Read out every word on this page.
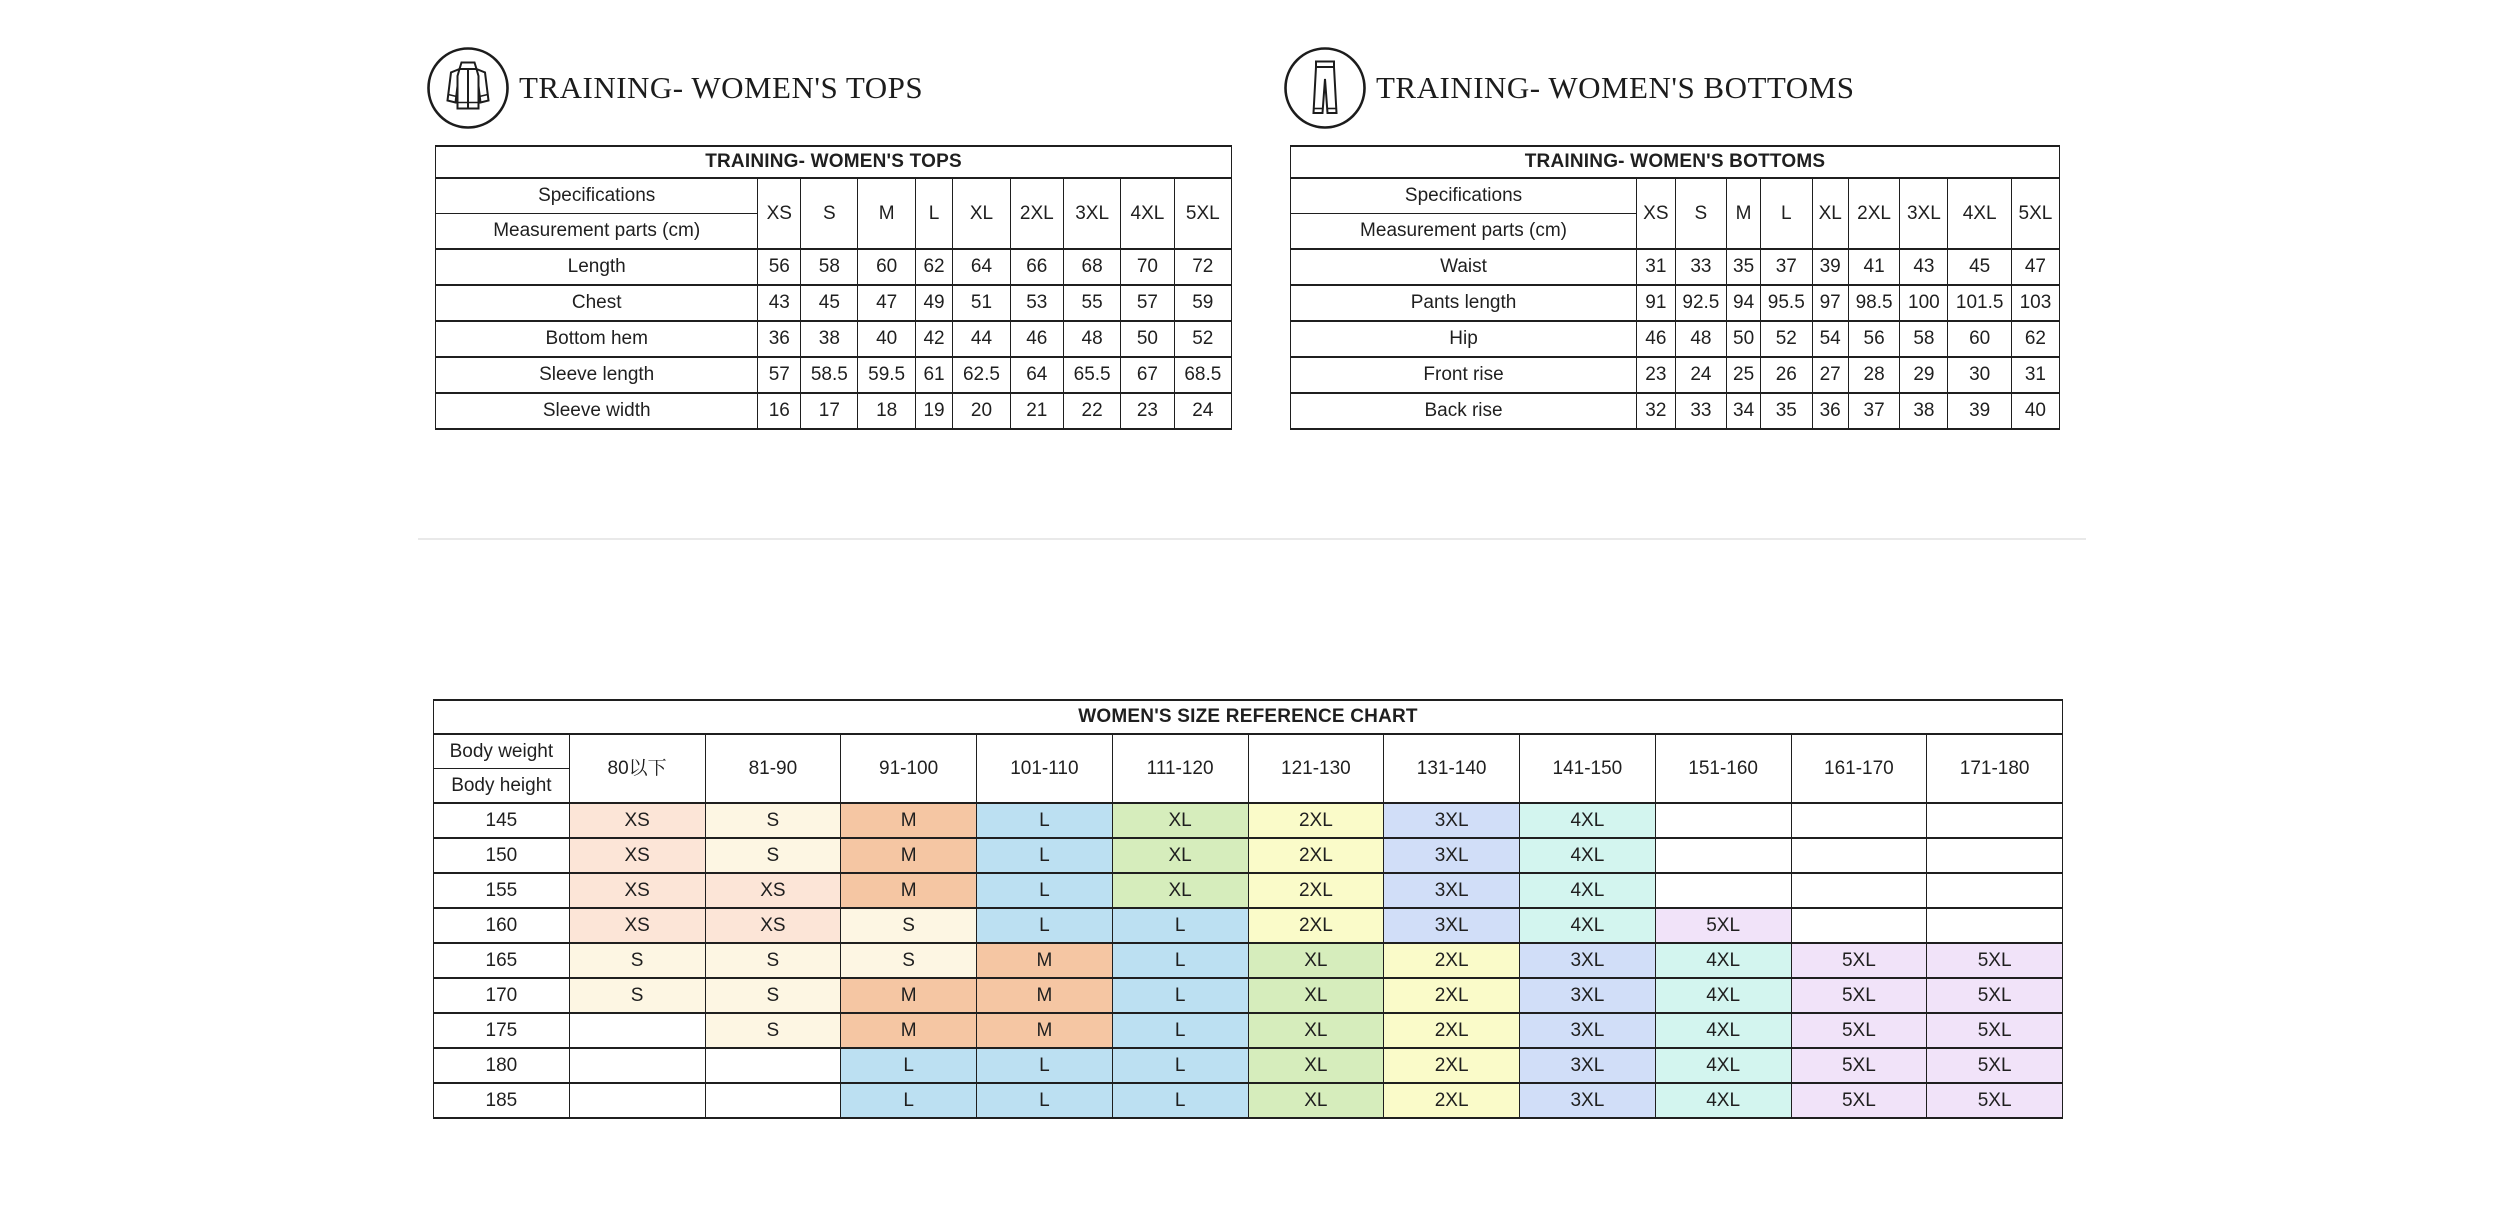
TRAINING- WOMEN'S TOPS	TRAINING- WOMEN'S BOTTOMS
TRAINING- WOMEN'S TOPS									
Specifications	XS	S	M	L	XL	2XL	3XL	4XL	5XL
Measurement parts (cm)									
Length	56	58	60	62	64	66	68	70	72
Chest	43	45	47	49	51	53	55	57	59
Bottom hem	36	38	40	42	44	46	48	50	52
Sleeve length	57	58.5	59.5	61	62.5	64	65.5	67	68.5
Sleeve width	16	17	18	19	20	21	22	23	24
TRAINING- WOMEN'S BOTTOMS									
Specifications	XS	S	M	L	XL	2XL	3XL	4XL	5XL
Measurement parts (cm)									
Waist	31	33	35	37	39	41	43	45	47
Pants length	91	92.5	94	95.5	97	98.5	100	101.5	103
Hip	46	48	50	52	54	56	58	60	62
Front rise	23	24	25	26	27	28	29	30	31
Back rise	32	33	34	35	36	37	38	39	40
WOMEN'S SIZE REFERENCE CHART											
Body weight	80以下	81-90	91-100	101-110	111-120	121-130	131-140	141-150	151-160	161-170	171-180
Body height											
145	XS	S	M	L	XL	2XL	3XL	4XL			
150	XS	S	M	L	XL	2XL	3XL	4XL			
155	XS	XS	M	L	XL	2XL	3XL	4XL			
160	XS	XS	S	L	L	2XL	3XL	4XL	5XL		
165	S	S	S	M	L	XL	2XL	3XL	4XL	5XL	5XL
170	S	S	M	M	L	XL	2XL	3XL	4XL	5XL	5XL
175		S	M	M	L	XL	2XL	3XL	4XL	5XL	5XL
180			L	L	L	XL	2XL	3XL	4XL	5XL	5XL
185			L	L	L	XL	2XL	3XL	4XL	5XL	5XL
